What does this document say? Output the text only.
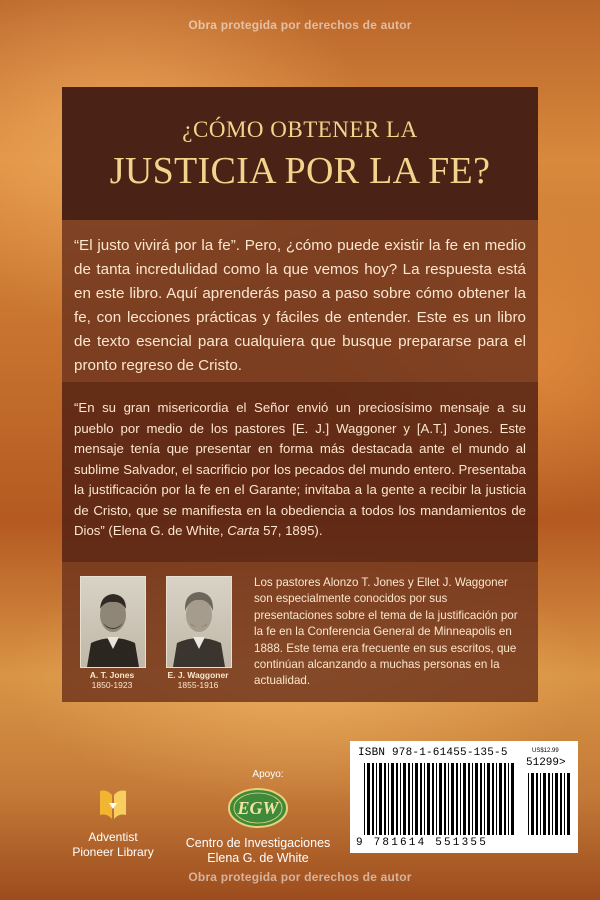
Obra protegida por derechos de autor
¿CÓMO OBTENER LA
JUSTICIA POR LA FE?
“El justo vivirá por la fe”. Pero, ¿cómo puede existir la fe en medio de tanta incredulidad como la que vemos hoy? La respuesta está en este libro. Aquí aprenderás paso a paso sobre cómo obtener la fe, con lecciones prácticas y fáciles de entender. Este es un libro de texto esencial para cualquiera que busque prepararse para el pronto regreso de Cristo.
“En su gran misericordia el Señor envió un preciosísimo mensaje a su pueblo por medio de los pastores [E. J.] Waggoner y [A.T.] Jones. Este mensaje tenía que presentar en forma más destacada ante el mundo al sublime Salvador, el sacrificio por los pecados del mundo entero. Presentaba la justificación por la fe en el Garante; invitaba a la gente a recibir la justicia de Cristo, que se manifiesta en la obediencia a todos los mandamientos de Dios” (Elena G. de White, Carta 57, 1895).
A. T. Jones
1850-1923
E. J. Waggoner
1855-1916
Los pastores Alonzo T. Jones y Ellet J. Waggoner son especialmente conocidos por sus presentaciones sobre el tema de la justificación por la fe en la Conferencia General de Minneapolis en 1888. Este tema era frecuente en sus escritos, que continúan alcanzando a muchas personas en la actualidad.
Apoyo:
Adventist
Pioneer Library
EGW
Centro de Investigaciones
Elena G. de White
ISBN 978-1-61455-135-5	US$12.99
51299>
9 781614 551355
Obra protegida por derechos de autor
